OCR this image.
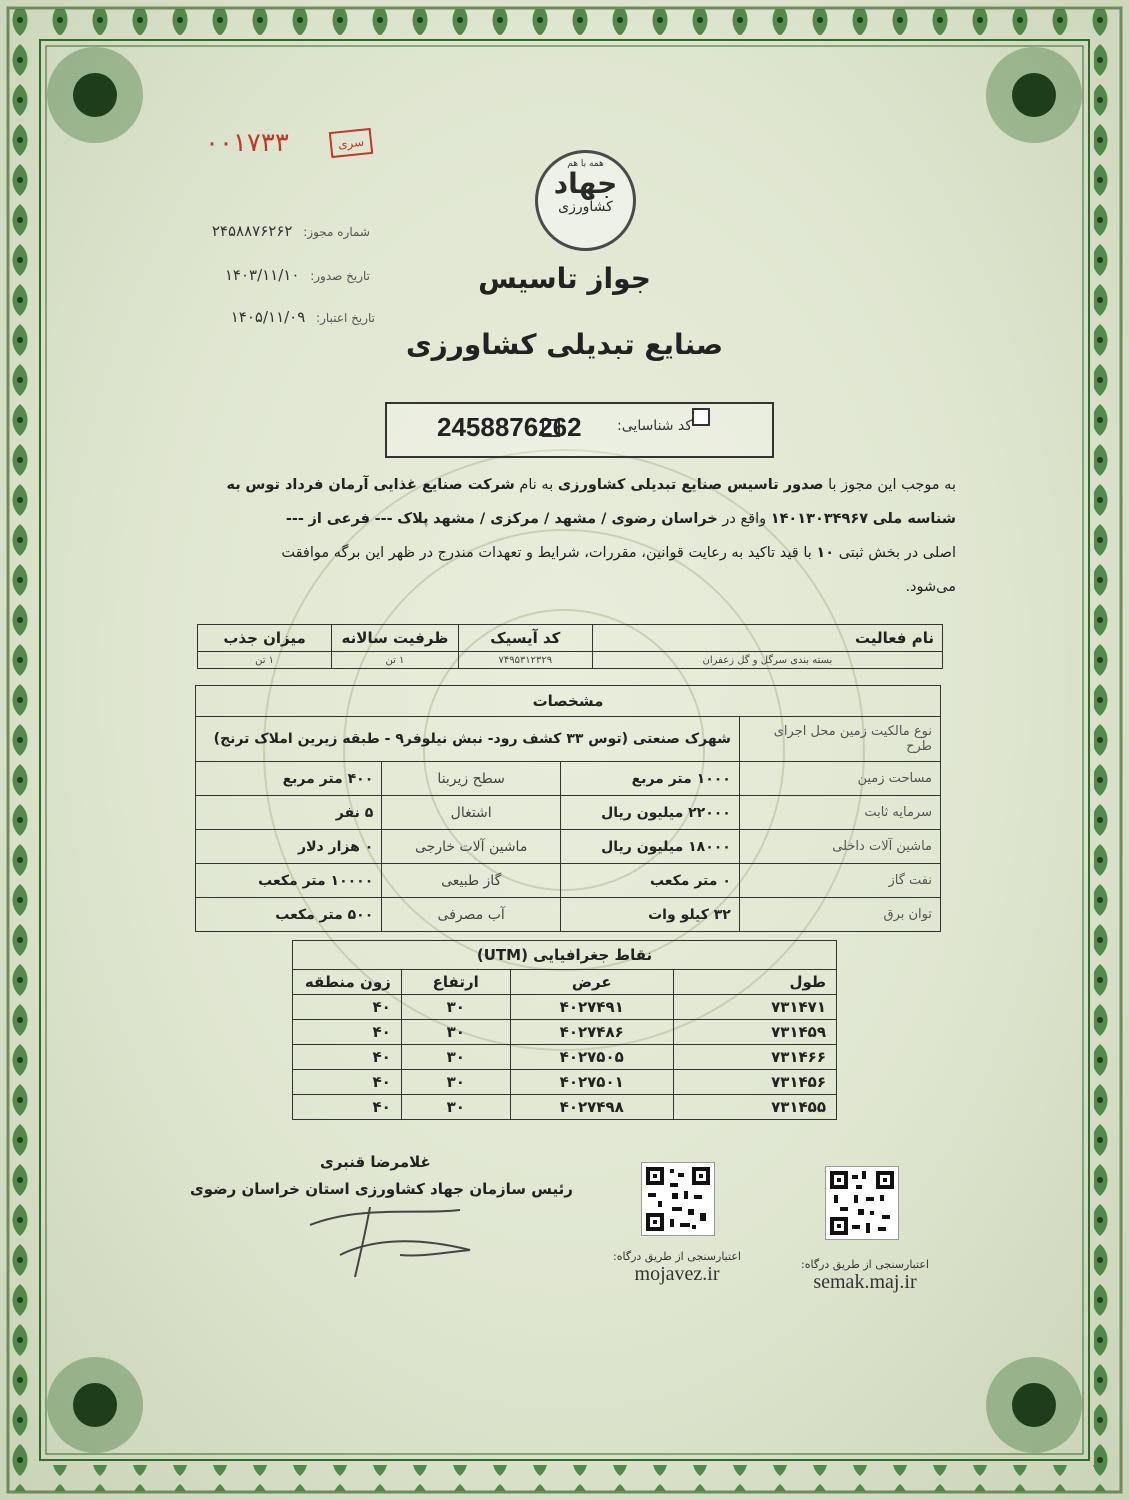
۰۰۱۷۳۳	سری
شماره مجوز: ۲۴۵۸۸۷۶۲۶۲
تاریخ صدور: ۱۴۰۳/۱۱/۱۰
تاریخ اعتبار: ۱۴۰۵/۱۱/۰۹
همه با هم
جهاد
کشاورزی
جواز تاسیس
صنایع تبدیلی کشاورزی
کد شناسایی:
2458876262
به موجب این مجوز با صدور تاسیس صنایع تبدیلی کشاورزی به نام شرکت صنایع غذایی آرمان فرداد توس به
شناسه ملی ۱۴۰۱۳۰۳۴۹۶۷ واقع در خراسان رضوی / مشهد / مرکزی / مشهد پلاک --- فرعی از ---
اصلی در بخش ثبتی ۱۰ با قید تاکید به رعایت قوانین، مقررات، شرایط و تعهدات مندرج در ظهر این برگه موافقت
می‌شود.
نام فعالیت	کد آیسیک	ظرفیت سالانه	میزان جذب
بسته بندی سرگل و گل زعفران	۷۴۹۵۳۱۲۳۲۹	۱ تن	۱ تن
مشخصات			
نوع مالکیت زمین محل اجرای طرح	شهرک صنعتی (توس ۳۳ کشف رود- نبش نیلوفر۹ - طبقه زیرین املاک ترنج)		
مساحت زمین	۱۰۰۰ متر مربع	سطح زیربنا	۴۰۰ متر مربع
سرمایه ثابت	۲۲۰۰۰ میلیون ریال	اشتغال	۵ نفر
ماشین آلات داخلی	۱۸۰۰۰ میلیون ریال	ماشین آلات خارجی	۰ هزار دلار
نفت گاز	۰ متر مکعب	گاز طبیعی	۱۰۰۰۰ متر مکعب
توان برق	۳۲ کیلو وات	آب مصرفی	۵۰۰ متر مکعب
نقاط جغرافیایی (UTM)			
طول	عرض	ارتفاع	زون منطقه
۷۳۱۴۷۱	۴۰۲۷۴۹۱	۳۰	۴۰
۷۳۱۴۵۹	۴۰۲۷۴۸۶	۳۰	۴۰
۷۳۱۴۶۶	۴۰۲۷۵۰۵	۳۰	۴۰
۷۳۱۴۵۶	۴۰۲۷۵۰۱	۳۰	۴۰
۷۳۱۴۵۵	۴۰۲۷۴۹۸	۳۰	۴۰
غلامرضا قنبری
رئیس سازمان جهاد کشاورزی استان خراسان رضوی
اعتبارسنجی از طریق درگاه:
mojavez.ir	اعتبارسنجی از طریق درگاه:
semak.maj.ir
